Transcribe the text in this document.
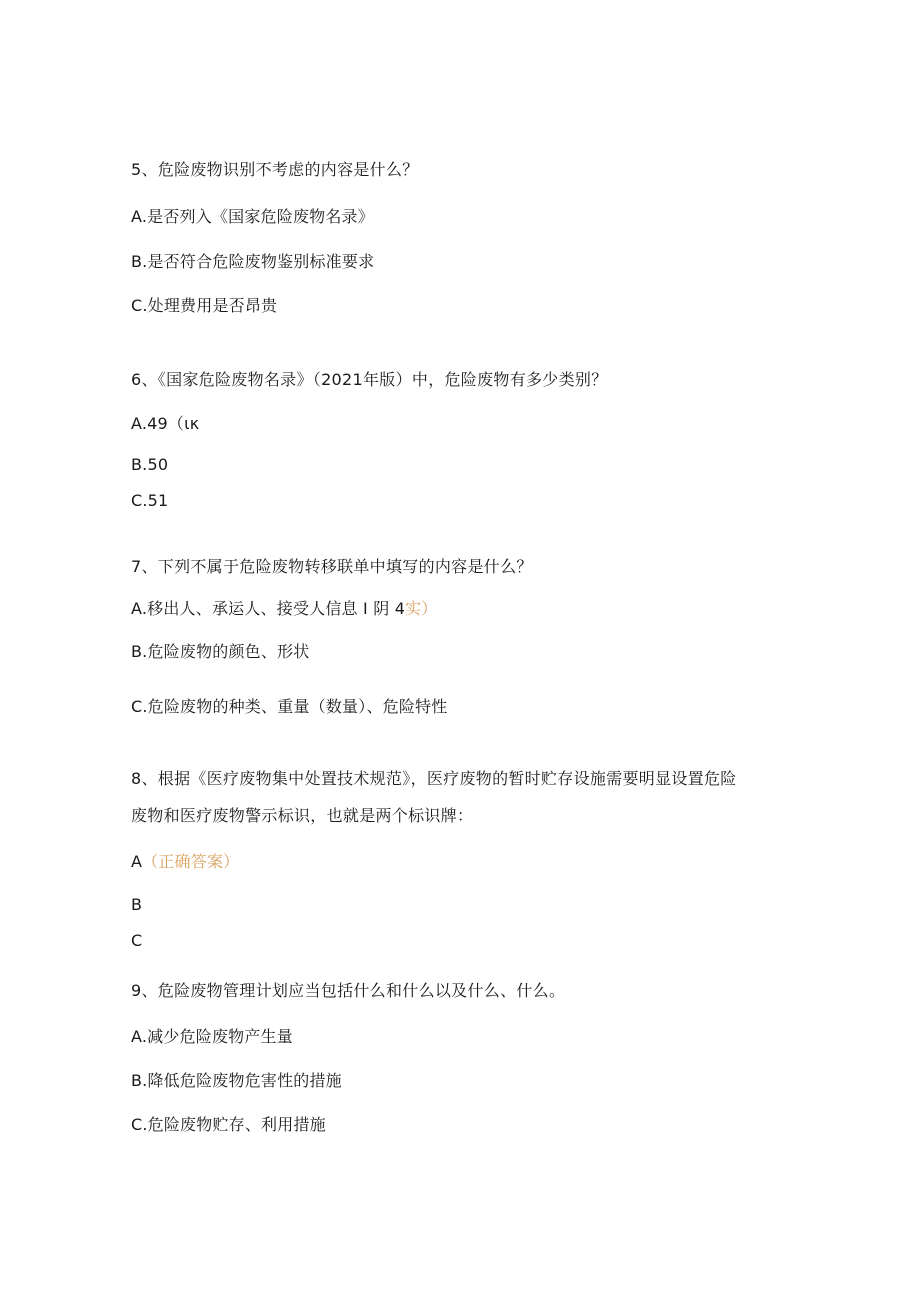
5、危险废物识别不考虑的内容是什么？
A.是否列入《国家危险废物名录》
B.是否符合危险废物鉴别标准要求
C.处理费用是否昂贵
6、《国家危险废物名录》（2021年版）中，危险废物有多少类别？
A.49（ικ
B.50
C.51
7、下列不属于危险废物转移联单中填写的内容是什么？
A.移出人、承运人、接受人信息 I 阴 4实）
B.危险废物的颜色、形状
C.危险废物的种类、重量（数量）、危险特性
8、根据《医疗废物集中处置技术规范》，医疗废物的暂时贮存设施需要明显设置危险
废物和医疗废物警示标识，也就是两个标识牌：
A（正确答案）
B
C
9、危险废物管理计划应当包括什么和什么以及什么、什么。
A.减少危险废物产生量
B.降低危险废物危害性的措施
C.危险废物贮存、利用措施
